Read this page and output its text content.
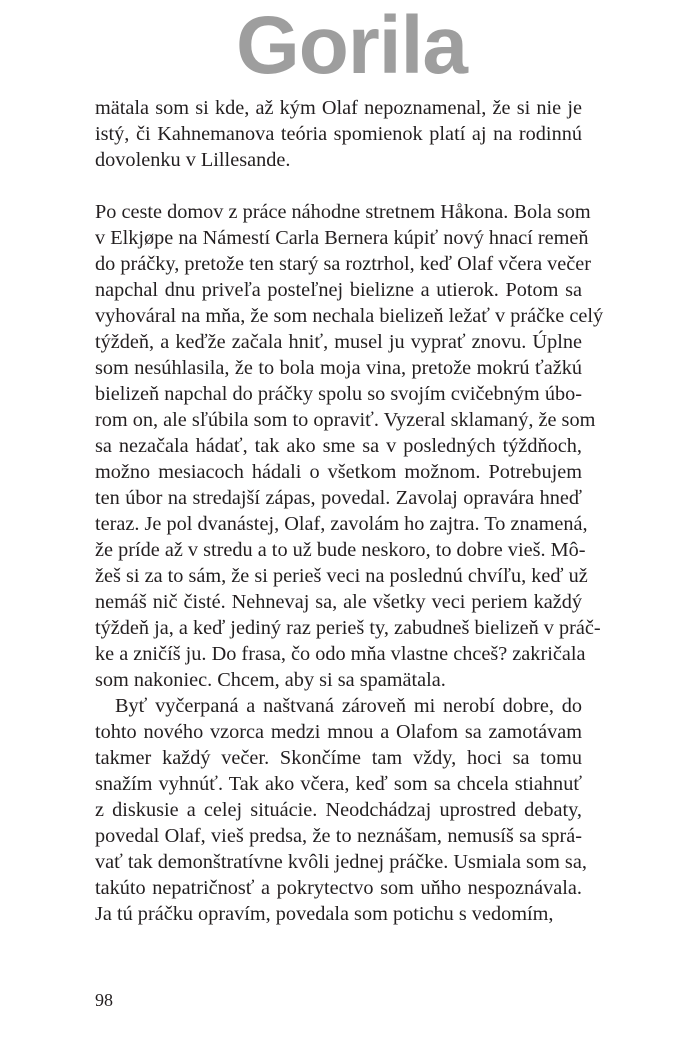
Gorila
mätala som si kde, až kým Olaf nepoznamenal, že si nie je
istý, či Kahnemanova teória spomienok platí aj na rodinnú
dovolenku v Lillesande.
Po ceste domov z práce náhodne stretnem Håkona. Bola som
v Elkjøpe na Námestí Carla Bernera kúpiť nový hnací remeň
do práčky, pretože ten starý sa roztrhol, keď Olaf včera večer
napchal dnu priveľa posteľnej bielizne a utierok. Potom sa
vyhováral na mňa, že som nechala bielizeň ležať v práčke celý
týždeň, a keďže začala hniť, musel ju vyprať znovu. Úplne
som nesúhlasila, že to bola moja vina, pretože mokrú ťažkú
bielizeň napchal do práčky spolu so svojím cvičebným úbo-
rom on, ale sľúbila som to opraviť. Vyzeral sklamaný, že som
sa nezačala hádať, tak ako sme sa v posledných týždňoch,
možno mesiacoch hádali o všetkom možnom. Potrebujem
ten úbor na stredajší zápas, povedal. Zavolaj opravára hneď
teraz. Je pol dvanástej, Olaf, zavolám ho zajtra. To znamená,
že príde až v stredu a to už bude neskoro, to dobre vieš. Mô-
žeš si za to sám, že si perieš veci na poslednú chvíľu, keď už
nemáš nič čisté. Nehnevaj sa, ale všetky veci periem každý
týždeň ja, a keď jediný raz perieš ty, zabudneš bielizeň v práč-
ke a zničíš ju. Do frasa, čo odo mňa vlastne chceš? zakričala
som nakoniec. Chcem, aby si sa spamätala.
Byť vyčerpaná a naštvaná zároveň mi nerobí dobre, do
tohto nového vzorca medzi mnou a Olafom sa zamotávam
takmer každý večer. Skončíme tam vždy, hoci sa tomu
snažím vyhnúť. Tak ako včera, keď som sa chcela stiahnuť
z diskusie a celej situácie. Neodchádzaj uprostred debaty,
povedal Olaf, vieš predsa, že to neznášam, nemusíš sa sprá-
vať tak demonštratívne kvôli jednej práčke. Usmiala som sa,
takúto nepatričnosť a pokrytectvo som uňho nespoznávala.
Ja tú práčku opravím, povedala som potichu s vedomím,
98
